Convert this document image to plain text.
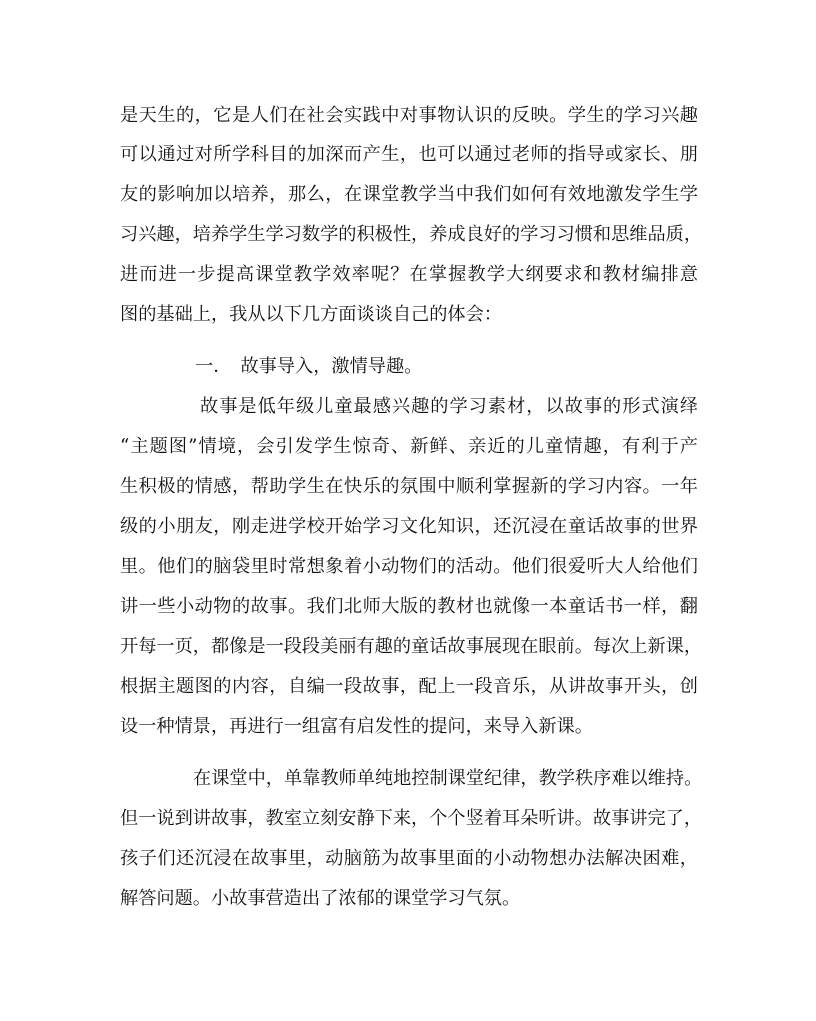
是天生的，它是人们在社会实践中对事物认识的反映。学生的学习兴趣

可以通过对所学科目的加深而产生，也可以通过老师的指导或家长、朋

友的影响加以培养，那么，在课堂教学当中我们如何有效地激发学生学

习兴趣，培养学生学习数学的积极性，养成良好的学习习惯和思维品质，

进而进一步提高课堂教学效率呢？在掌握教学大纲要求和教材编排意

图的基础上，我从以下几方面谈谈自己的体会：

一．　故事导入，激情导趣。

故事是低年级儿童最感兴趣的学习素材，以故事的形式演绎

“主题图”情境，会引发学生惊奇、新鲜、亲近的儿童情趣，有利于产

生积极的情感，帮助学生在快乐的氛围中顺利掌握新的学习内容。一年

级的小朋友，刚走进学校开始学习文化知识，还沉浸在童话故事的世界

里。他们的脑袋里时常想象着小动物们的活动。他们很爱听大人给他们

讲一些小动物的故事。我们北师大版的教材也就像一本童话书一样，翻

开每一页，都像是一段段美丽有趣的童话故事展现在眼前。每次上新课，

根据主题图的内容，自编一段故事，配上一段音乐，从讲故事开头，创

设一种情景，再进行一组富有启发性的提问，来导入新课。

在课堂中，单靠教师单纯地控制课堂纪律，教学秩序难以维持。

但一说到讲故事，教室立刻安静下来，个个竖着耳朵听讲。故事讲完了，

孩子们还沉浸在故事里，动脑筋为故事里面的小动物想办法解决困难，

解答问题。小故事营造出了浓郁的课堂学习气氛。
